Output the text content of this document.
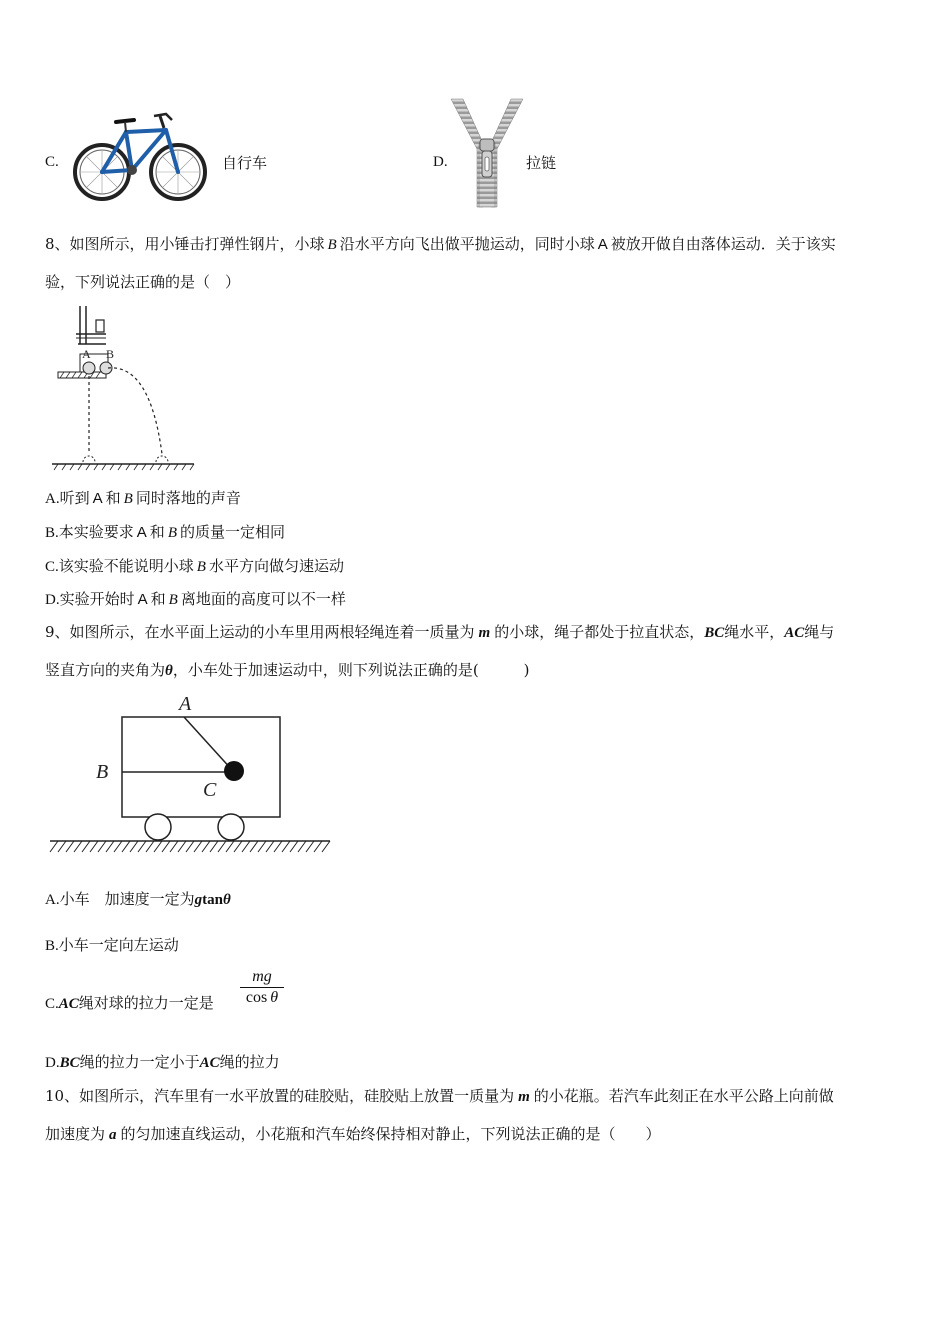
C.	自行车	D.	拉链
8、如图所示，用小锤击打弹性钢片，小球 B 沿水平方向飞出做平抛运动，同时小球 A 被放开做自由落体运动．关于该实
验，下列说法正确的是（　）
A B
A.听到 A 和 B 同时落地的声音
B.本实验要求 A 和 B 的质量一定相同
C.该实验不能说明小球 B 水平方向做匀速运动
D.实验开始时 A 和 B 离地面的高度可以不一样
9、如图所示，在水平面上运动的小车里用两根轻绳连着一质量为 m 的小球，绳子都处于拉直状态，BC绳水平，AC绳与
竖直方向的夹角为θ，小车处于加速运动中，则下列说法正确的是(　　　)
A
B
C
A.小车　加速度一定为gtanθ
B.小车一定向左运动
C.AC绳对球的拉力一定是 $\frac{mg}{\text{cos θ}}$
D.BC绳的拉力一定小于AC绳的拉力
10、如图所示，汽车里有一水平放置的硅胶贴，硅胶贴上放置一质量为 m 的小花瓶。若汽车此刻正在水平公路上向前做
加速度为 a 的匀加速直线运动，小花瓶和汽车始终保持相对静止，下列说法正确的是（　　）
